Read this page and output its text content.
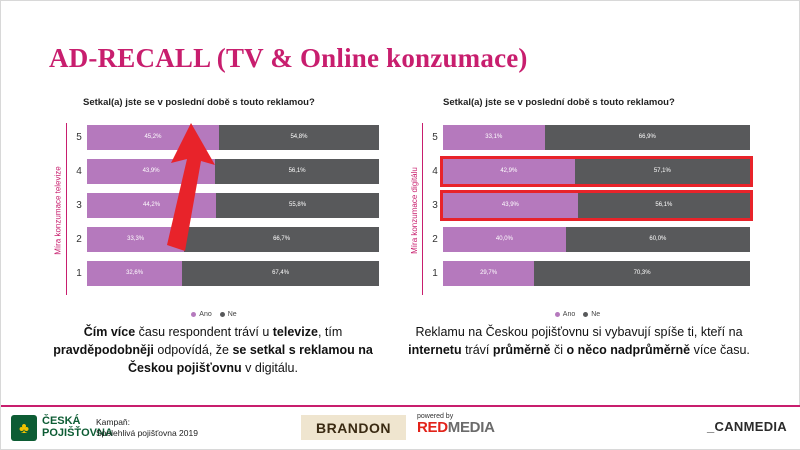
AD-RECALL (TV & Online konzumace)
Setkal(a) jste se v poslední době s touto reklamou?
Míra konzumace televize
5	45,2%	54,8%
4	43,9%	56,1%
3	44,2%	55,8%
2	33,3%	66,7%
1	32,6%	67,4%
Ano Ne
Setkal(a) jste se v poslední době s touto reklamou?
Míra konzumace digitálu
5	33,1%	66,9%
4	42,9%	57,1%
3	43,9%	56,1%
2	40,0%	60,0%
1	29,7%	70,3%
Ano Ne
Čím více času respondent tráví u televize, tím pravděpodobněji odpovídá, že se setkal s reklamou na Českou pojišťovnu v digitálu.
Reklamu na Českou pojišťovnu si vybavují spíše ti, kteří na internetu tráví průměrně či o něco nadprůměrně více času.
♣	ČESKÁ
POJIŠŤOVNA
Kampaň:
Spolehlivá pojišťovna 2019	BRANDON
powered by
REDMEDIA	_CANMEDIA
